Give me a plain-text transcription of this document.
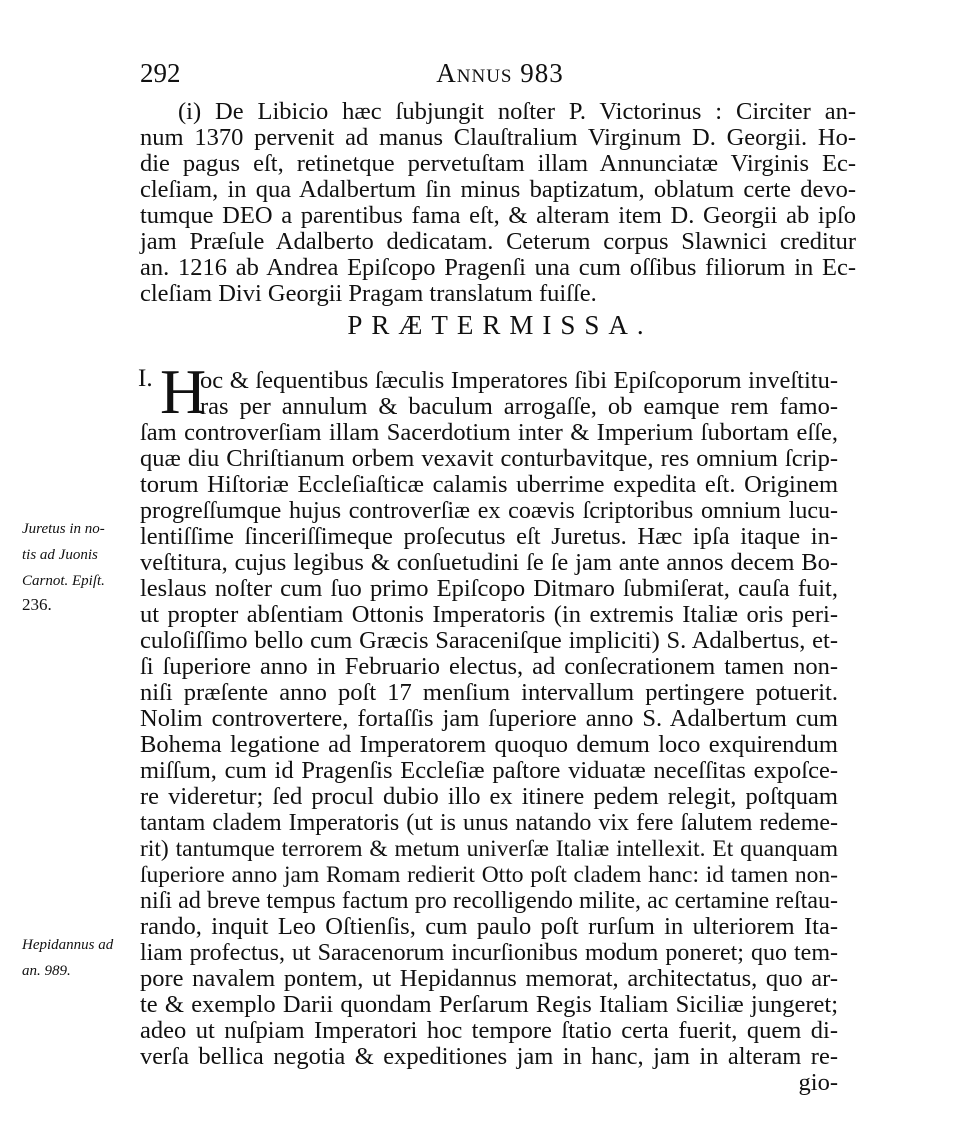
292	Annus 983
(i) De Libicio hæc ſubjungit noſter P. Victorinus : Circiter an-
num 1370 pervenit ad manus Clauſtralium Virginum D. Georgii. Ho-
die pagus eſt, retinetque pervetuſtam illam Annunciatæ Virginis Ec-
cleſiam, in qua Adalbertum ſin minus baptizatum, oblatum certe devo-
tumque DEO a parentibus fama eſt, & alteram item D. Georgii ab ipſo
jam Præſule Adalberto dedicatam. Ceterum corpus Slawnici creditur
an. 1216 ab Andrea Epiſcopo Pragenſi una cum oſſibus filiorum in Ec-
cleſiam Divi Georgii Pragam translatum fuiſſe.
PRÆTERMISSA.
I. H
oc & ſequentibus ſæculis Imperatores ſibi Epiſcoporum inveſtitu-
ras per annulum & baculum arrogaſſe, ob eamque rem famo-
ſam controverſiam illam Sacerdotium inter & Imperium ſubortam eſſe,
quæ diu Chriſtianum orbem vexavit conturbavitque, res omnium ſcrip-
torum Hiſtoriæ Eccleſiaſticæ calamis uberrime expedita eſt. Originem
progreſſumque hujus controverſiæ ex coævis ſcriptoribus omnium lucu-
lentiſſime ſinceriſſimeque proſecutus eſt Juretus. Hæc ipſa itaque in-
veſtitura, cujus legibus & conſuetudini ſe ſe jam ante annos decem Bo-
leslaus noſter cum ſuo primo Epiſcopo Ditmaro ſubmiſerat, cauſa fuit,
ut propter abſentiam Ottonis Imperatoris (in extremis Italiæ oris peri-
culoſiſſimo bello cum Græcis Saraceniſque impliciti) S. Adalbertus, et-
ſi ſuperiore anno in Februario electus, ad conſecrationem tamen non-
niſi præſente anno poſt 17 menſium intervallum pertingere potuerit.
Nolim controvertere, fortaſſis jam ſuperiore anno S. Adalbertum cum
Bohema legatione ad Imperatorem quoquo demum loco exquirendum
miſſum, cum id Pragenſis Eccleſiæ paſtore viduatæ neceſſitas expoſce-
re videretur; ſed procul dubio illo ex itinere pedem relegit, poſtquam
tantam cladem Imperatoris (ut is unus natando vix fere ſalutem redeme-
rit) tantumque terrorem & metum univerſæ Italiæ intellexit. Et quanquam
ſuperiore anno jam Romam redierit Otto poſt cladem hanc: id tamen non-
niſi ad breve tempus factum pro recolligendo milite, ac certamine reſtau-
rando, inquit Leo Oſtienſis, cum paulo poſt rurſum in ulteriorem Ita-
liam profectus, ut Saracenorum incurſionibus modum poneret; quo tem-
pore navalem pontem, ut Hepidannus memorat, architectatus, quo ar-
te & exemplo Darii quondam Perſarum Regis Italiam Siciliæ jungeret;
adeo ut nuſpiam Imperatori hoc tempore ſtatio certa fuerit, quem di-
verſa bellica negotia & expeditiones jam in hanc, jam in alteram re-
gio-
Juretus in no-
tis ad Juonis
Carnot. Epiſt.
236.
Hepidannus ad
an. 989.
